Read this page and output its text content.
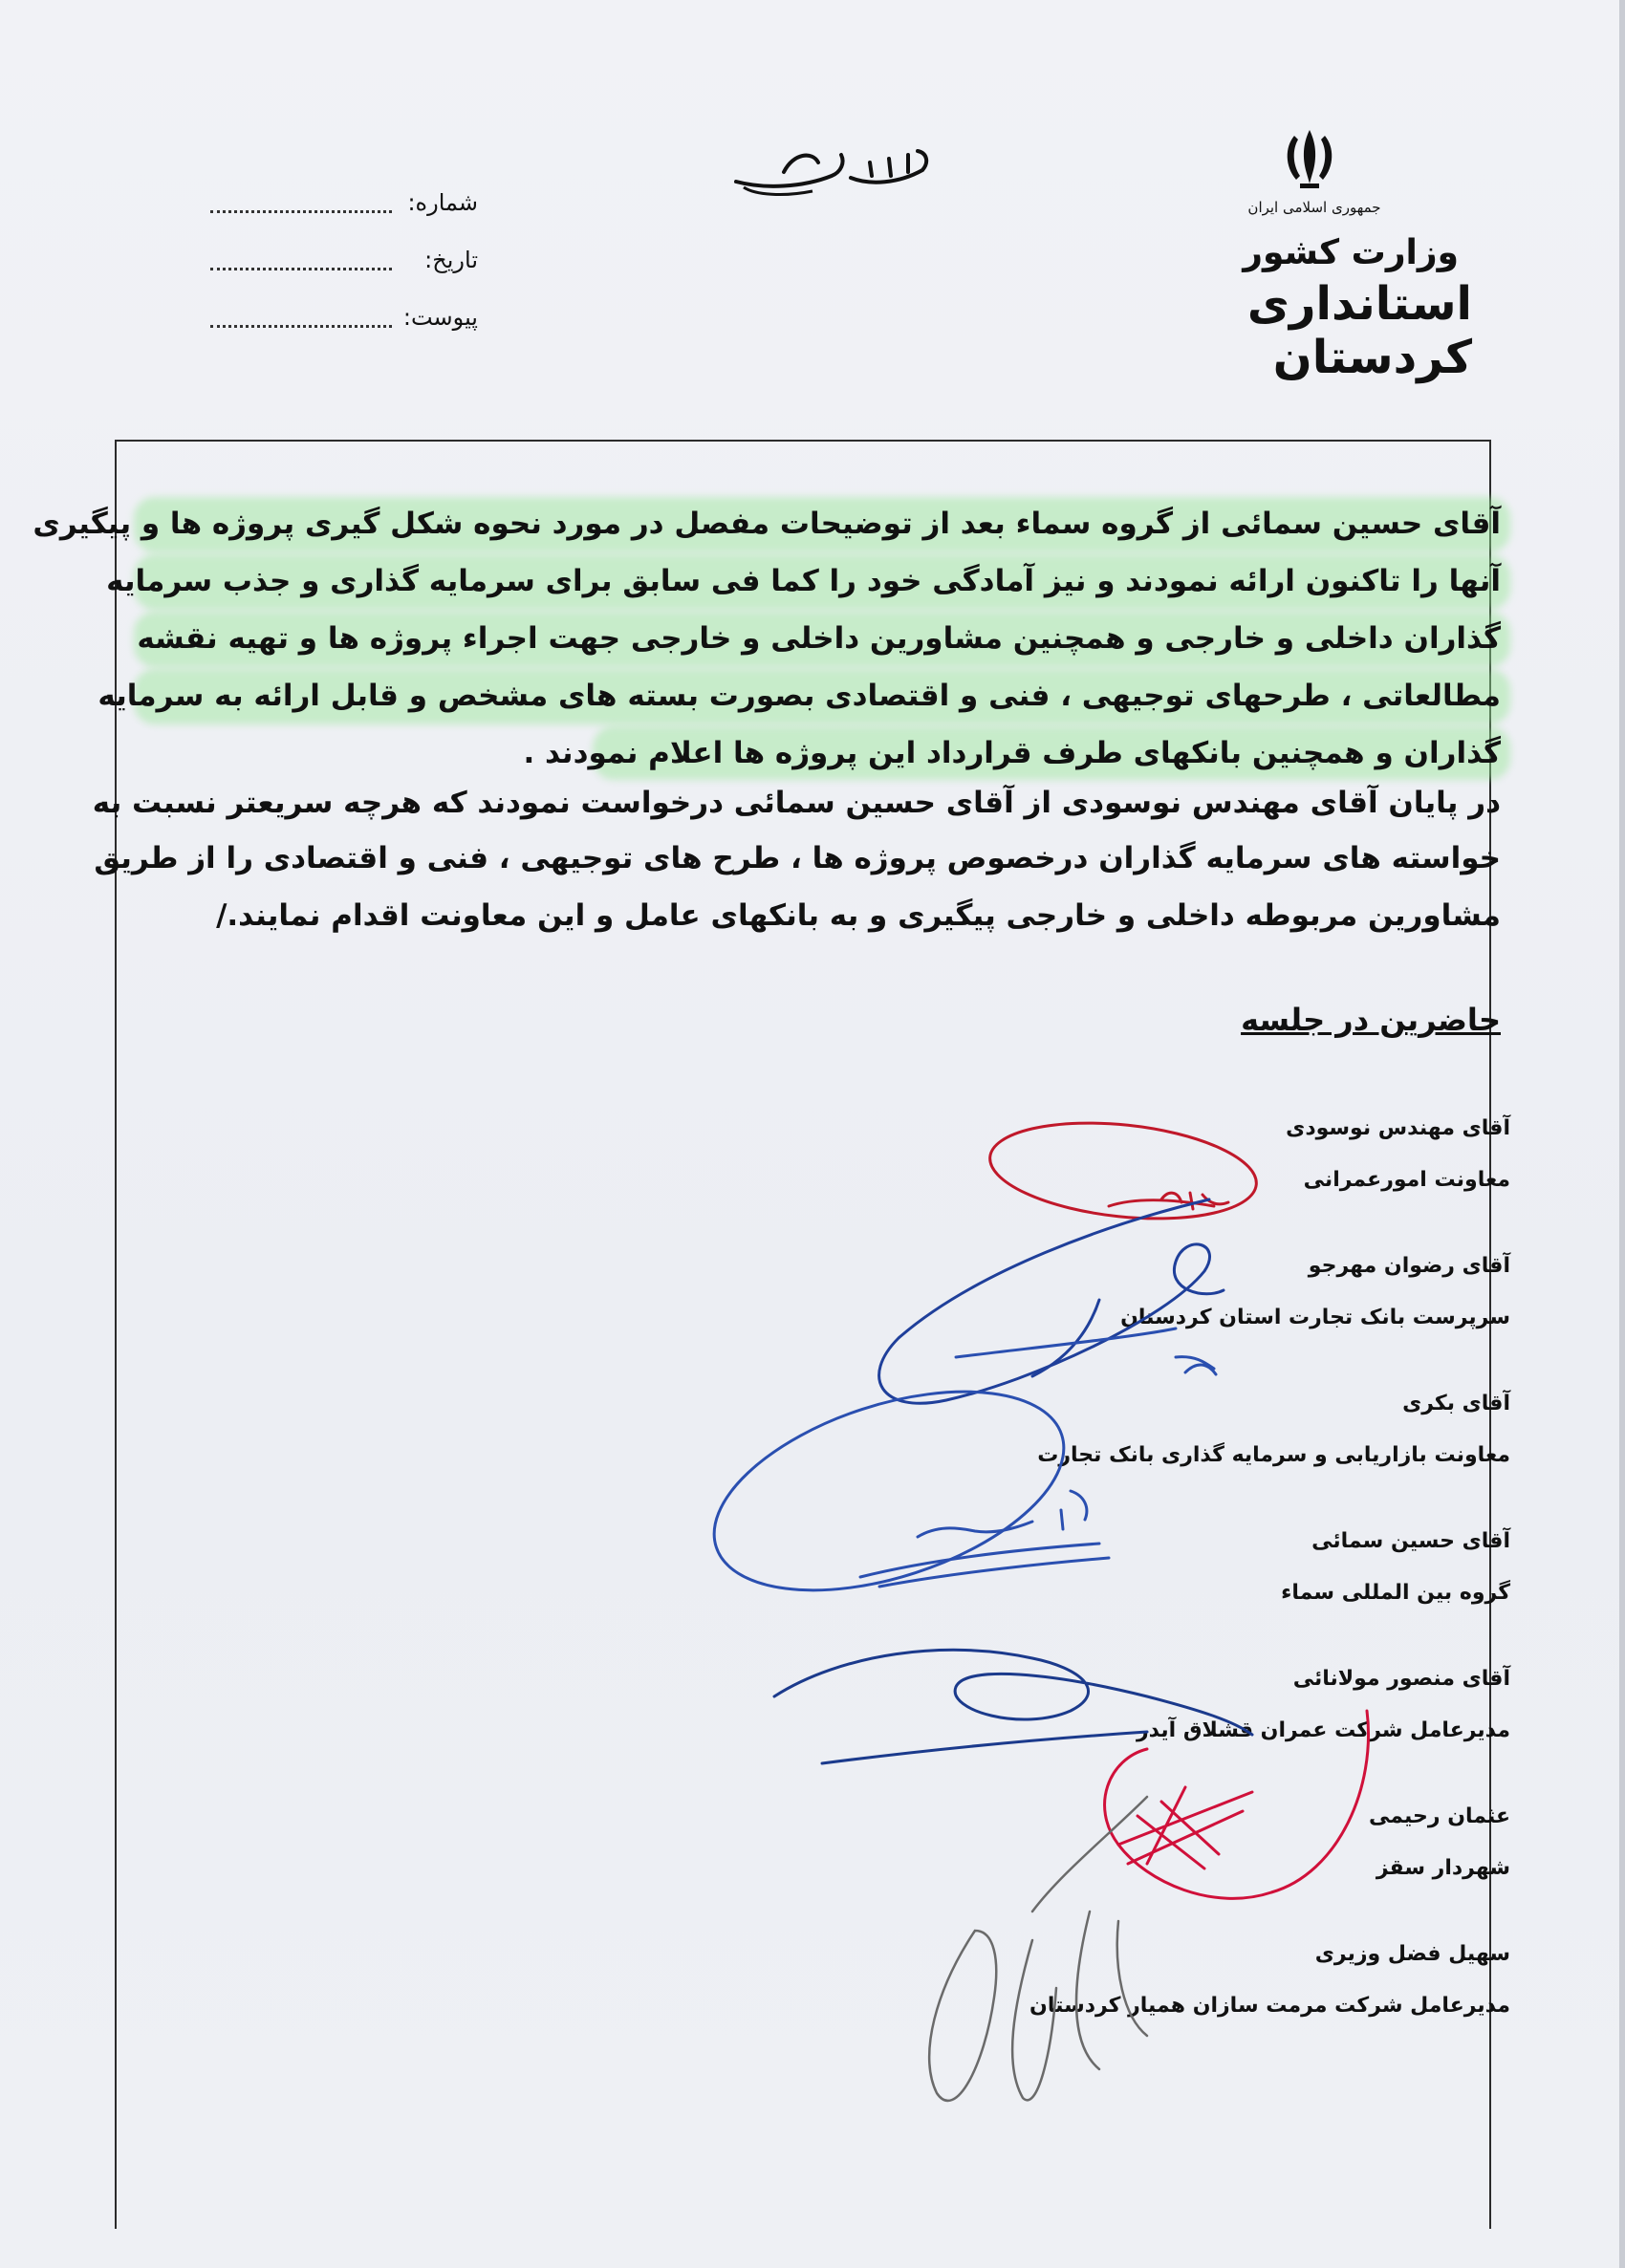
جمهوری اسلامی ایران
وزارت کشور
استانداری کردستان
شماره:
تاریخ:
پیوست:
آقای حسین سمائی از گروه سماء بعد از توضیحات مفصل در مورد نحوه شکل گیری پروژه ها و پیگیری
آنها را تاکنون ارائه نمودند و نیز آمادگی خود را کما فی سابق برای سرمایه گذاری و جذب سرمایه
گذاران داخلی و خارجی و همچنین مشاورین داخلی و خارجی جهت اجراء پروژه ها و تهیه نقشه
مطالعاتی ، طرحهای توجیهی ، فنی و اقتصادی بصورت بسته های مشخص و قابل ارائه به سرمایه
گذاران و همچنین بانکهای طرف قرارداد این پروژه ها اعلام نمودند .
در پایان آقای مهندس نوسودی از آقای حسین سمائی درخواست نمودند که هرچه سریعتر نسبت به
خواسته های سرمایه گذاران درخصوص پروژه ها ، طرح های توجیهی ، فنی و اقتصادی را از طریق
مشاورین مربوطه داخلی و خارجی پیگیری و به بانکهای عامل و این معاونت اقدام نمایند./
حاضرین در جلسه
آقای مهندس نوسودی
معاونت امورعمرانی
آقای رضوان مهرجو
سرپرست بانک تجارت استان کردستان
آقای بکری
معاونت بازاریابی و سرمایه گذاری بانک تجارت
آقای حسین سمائی
گروه بین المللی سماء
آقای منصور مولانائی
مدیرعامل شرکت عمران قشلاق آیدر
عثمان رحیمی
شهردار سقز
سهیل فضل وزیری
مدیرعامل شرکت مرمت سازان همیار کردستان
